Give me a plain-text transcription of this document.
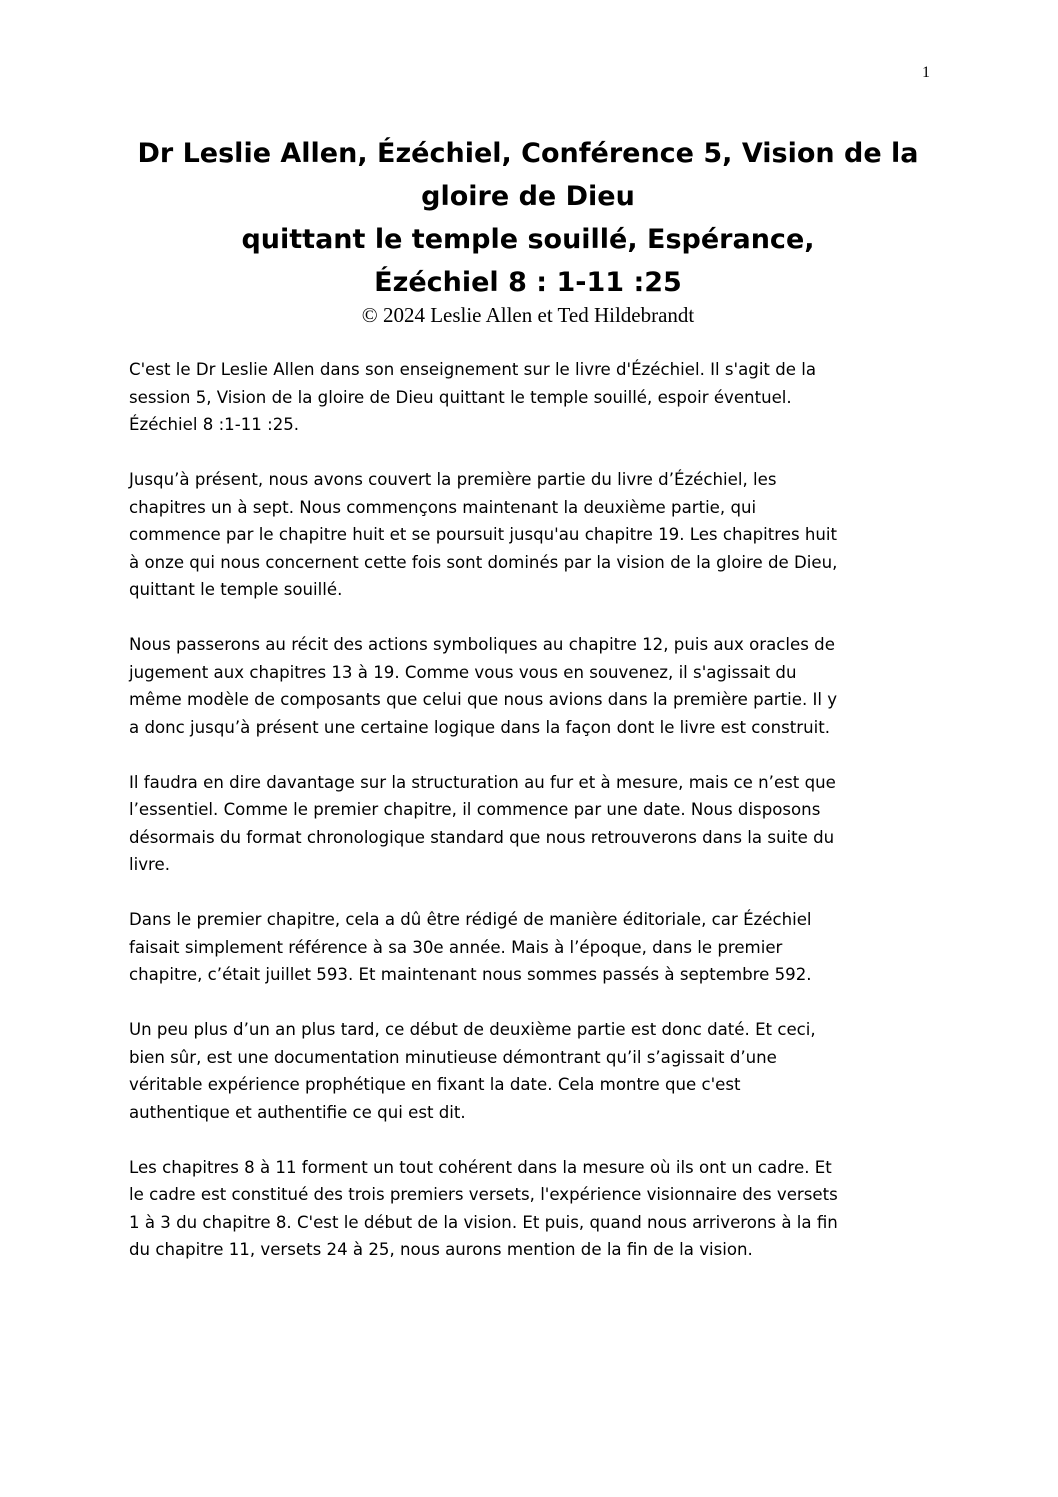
1
Dr Leslie Allen, Ézéchiel, Conférence 5, Vision de la
gloire de Dieu
quittant le temple souillé, Espérance,
Ézéchiel 8 : 1-11 :25
© 2024 Leslie Allen et Ted Hildebrandt

C'est le Dr Leslie Allen dans son enseignement sur le livre d'Ézéchiel. Il s'agit de la
session 5, Vision de la gloire de Dieu quittant le temple souillé, espoir éventuel.
Ézéchiel 8 :1-11 :25.

Jusqu’à présent, nous avons couvert la première partie du livre d’Ézéchiel, les
chapitres un à sept. Nous commençons maintenant la deuxième partie, qui
commence par le chapitre huit et se poursuit jusqu'au chapitre 19. Les chapitres huit
à onze qui nous concernent cette fois sont dominés par la vision de la gloire de Dieu,
quittant le temple souillé.

Nous passerons au récit des actions symboliques au chapitre 12, puis aux oracles de
jugement aux chapitres 13 à 19. Comme vous vous en souvenez, il s'agissait du
même modèle de composants que celui que nous avions dans la première partie. Il y
a donc jusqu’à présent une certaine logique dans la façon dont le livre est construit.

Il faudra en dire davantage sur la structuration au fur et à mesure, mais ce n’est que
l’essentiel. Comme le premier chapitre, il commence par une date. Nous disposons
désormais du format chronologique standard que nous retrouverons dans la suite du
livre.

Dans le premier chapitre, cela a dû être rédigé de manière éditoriale, car Ézéchiel
faisait simplement référence à sa 30e année. Mais à l’époque, dans le premier
chapitre, c’était juillet 593. Et maintenant nous sommes passés à septembre 592.

Un peu plus d’un an plus tard, ce début de deuxième partie est donc daté. Et ceci,
bien sûr, est une documentation minutieuse démontrant qu’il s’agissait d’une
véritable expérience prophétique en fixant la date. Cela montre que c'est
authentique et authentifie ce qui est dit.

Les chapitres 8 à 11 forment un tout cohérent dans la mesure où ils ont un cadre. Et
le cadre est constitué des trois premiers versets, l'expérience visionnaire des versets
1 à 3 du chapitre 8. C'est le début de la vision. Et puis, quand nous arriverons à la fin
du chapitre 11, versets 24 à 25, nous aurons mention de la fin de la vision.
